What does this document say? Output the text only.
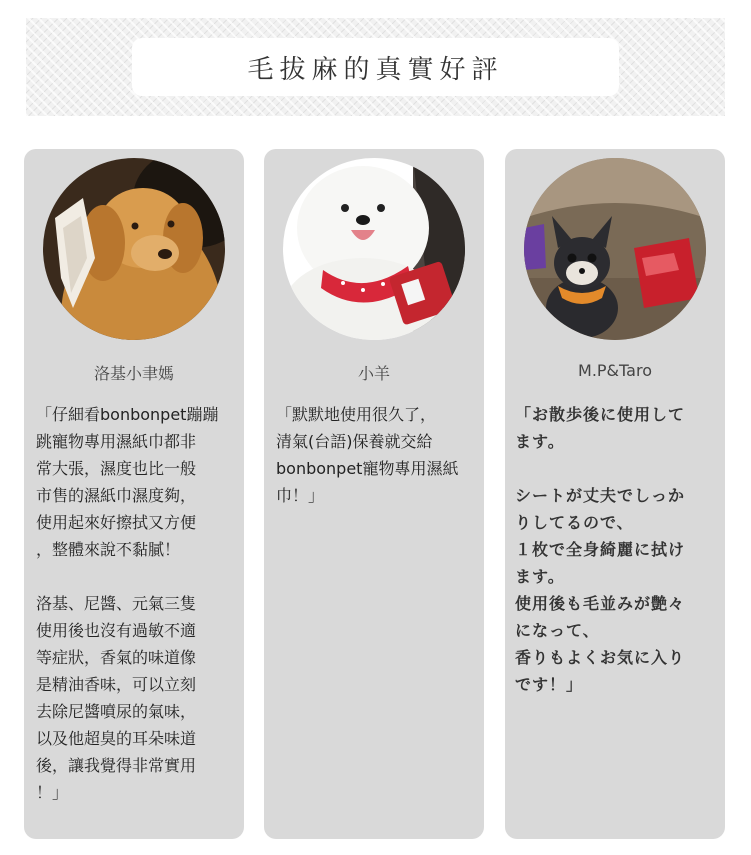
毛拔麻的真實好評
洛基小聿媽

「仔細看bonbonpet蹦蹦
跳寵物專用濕紙巾都非
常大張，濕度也比一般
市售的濕紙巾濕度夠，
使用起來好擦拭又方便
，整體來說不黏膩！

洛基、尼醬、元氣三隻
使用後也沒有過敏不適
等症狀，香氣的味道像
是精油香味，可以立刻
去除尼醬噴尿的氣味，
以及他超臭的耳朵味道
後，讓我覺得非常實用
！」

小羊

「默默地使用很久了，
清氣(台語)保養就交給
bonbonpet寵物專用濕紙
巾！」

M.P&Taro

「お散歩後に使用して
ます。

シートが丈夫でしっか
りしてるので、
１枚で全身綺麗に拭け
ます。
使用後も毛並みが艶々
になって、
香りもよくお気に入り
です！」
